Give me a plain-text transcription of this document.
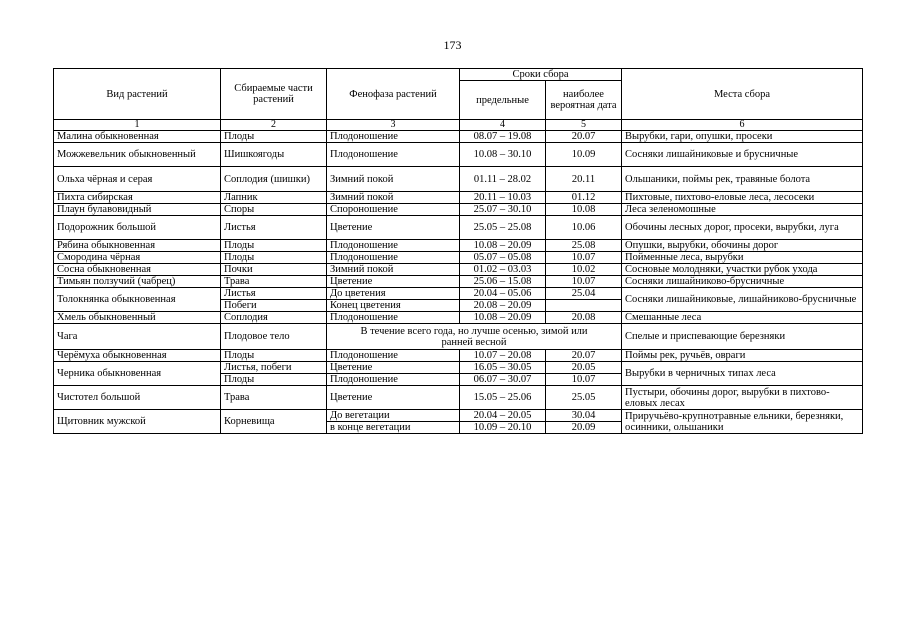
173
Вид растений	Сбираемые части растений	Фенофаза растений	Сроки сбора		Места сбора
			предельные	наиболее вероятная дата	
1	2	3	4	5	6
Малина обыкновенная	Плоды	Плодоношение	08.07 – 19.08	20.07	Вырубки, гари, опушки, просеки
Можжевельник обыкновенный	Шишкоягоды	Плодоношение	10.08 – 30.10	10.09	Сосняки лишайниковые и брусничные
Ольха чёрная и серая	Соплодия (шишки)	Зимний покой	01.11 – 28.02	20.11	Ольшаники, поймы рек, травяные болота
Пихта сибирская	Лапник	Зимний покой	20.11 – 10.03	01.12	Пихтовые, пихтово-еловые леса, лесосеки
Плаун булавовидный	Споры	Спороношение	25.07 – 30.10	10.08	Леса зеленомошные
Подорожник большой	Листья	Цветение	25.05 – 25.08	10.06	Обочины лесных дорог, просеки, вырубки, луга
Рябина обыкновенная	Плоды	Плодоношение	10.08 – 20.09	25.08	Опушки, вырубки, обочины дорог
Смородина чёрная	Плоды	Плодоношение	05.07 – 05.08	10.07	Пойменные леса, вырубки
Сосна обыкновенная	Почки	Зимний покой	01.02 – 03.03	10.02	Сосновые молодняки, участки рубок ухода
Тимьян ползучий (чабрец)	Трава	Цветение	25.06 – 15.08	10.07	Сосняки лишайниково-брусничные
Толокнянка обыкновенная	Листья	До цветения	20.04 – 05.06	25.04	Сосняки лишайниковые, лишайниково-брусничные
	Побеги	Конец цветения	20.08 – 20.09		
Хмель обыкновенный	Соплодия	Плодоношение	10.08 – 20.09	20.08	Смешанные леса
Чага	Плодовое тело	В течение всего года, но лучше осенью, зимой или ранней весной			Спелые и приспевающие березняки
Черёмуха обыкновенная	Плоды	Плодоношение	10.07 – 20.08	20.07	Поймы рек, ручьёв, овраги
Черника обыкновенная	Листья, побеги	Цветение	16.05 – 30.05	20.05	Вырубки в черничных типах леса
	Плоды	Плодоношение	06.07 – 30.07	10.07	
Чистотел большой	Трава	Цветение	15.05 – 25.06	25.05	Пустыри, обочины дорог, вырубки в пихтово-еловых лесах
Щитовник мужской	Корневища	До вегетации	20.04 – 20.05	30.04	Приручьёво-крупнотравные ельники, березняки, осинники, ольшаники
		в конце вегетации	10.09 – 20.10	20.09	
